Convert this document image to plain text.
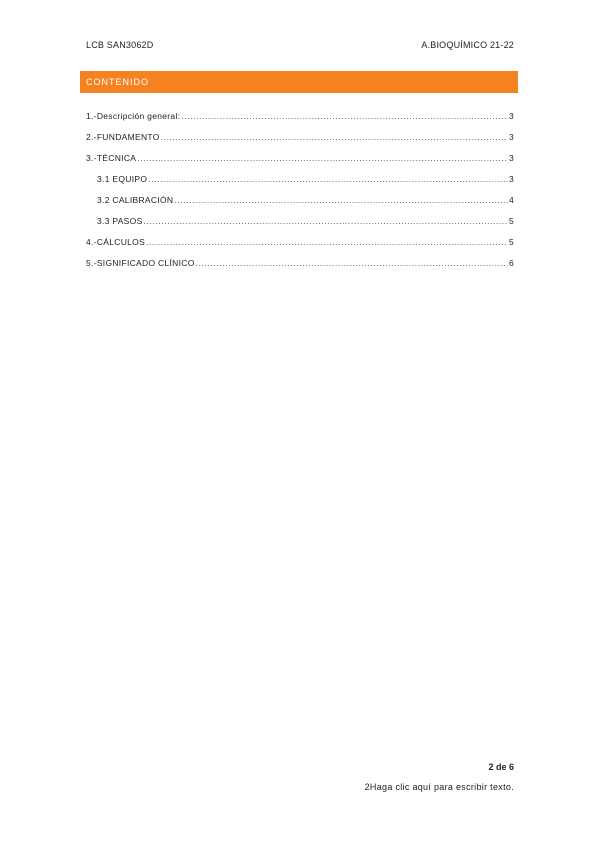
LCB SAN3062D	A.BIOQUÍMICO 21-22
CONTENIDO
1.-Descripción general: .....	3
2.-FUNDAMENTO .....	3
3.-TÉCNICA .....	3
3.1 EQUIPO .....	3
3.2 CALIBRACIÓN .....	4
3.3 PASOS .....	5
4.-CÁLCULOS .....	5
5.-SIGNIFICADO CLÍNICO .....	6
2 de 6
2Haga clic aquí para escribir texto.
